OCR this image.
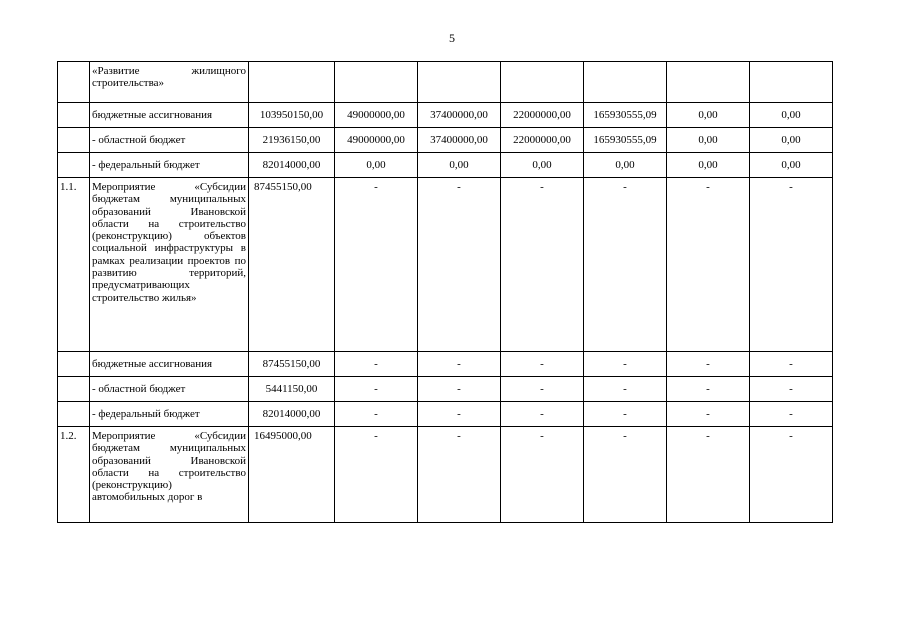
5
	«Развитие жилищного строительства»							
	бюджетные ассигнования	103950150,00	49000000,00	37400000,00	22000000,00	165930555,09	0,00	0,00
	- областной бюджет	21936150,00	49000000,00	37400000,00	22000000,00	165930555,09	0,00	0,00
	- федеральный бюджет	82014000,00	0,00	0,00	0,00	0,00	0,00	0,00
1.1.	Мероприятие «Субсидии бюджетам муниципальных образований Ивановской области на строительство (реконструкцию) объектов социальной инфраструктуры в рамках реализации проектов по развитию территорий, предусматривающих строительство жилья»	87455150,00	-	-	-	-	-	-
	бюджетные ассигнования	87455150,00	-	-	-	-	-	-
	- областной бюджет	5441150,00	-	-	-	-	-	-
	- федеральный бюджет	82014000,00	-	-	-	-	-	-
1.2.	Мероприятие «Субсидии бюджетам муниципальных образований Ивановской области на строительство (реконструкцию) автомобильных дорог в	16495000,00	-	-	-	-	-	-
